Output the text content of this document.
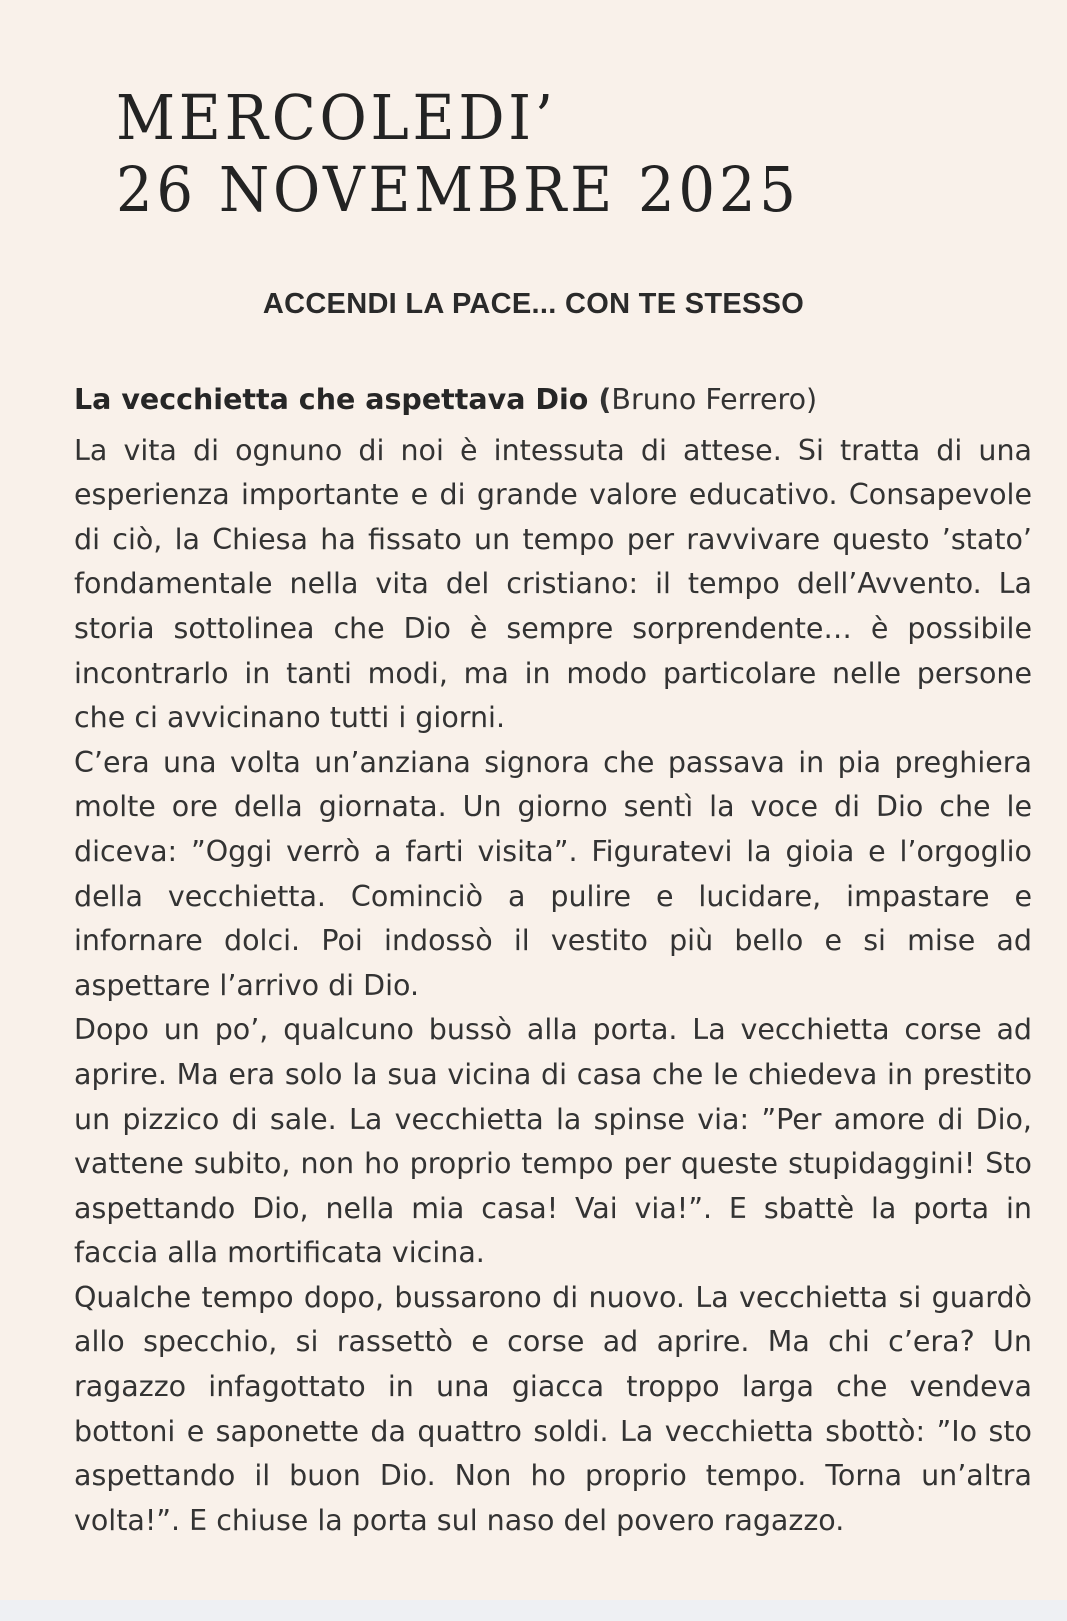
MERCOLEDI’
26 NOVEMBRE 2025
ACCENDI LA PACE... CON TE STESSO

La vecchietta che aspettava Dio (Bruno Ferrero)

La vita di ognuno di noi è intessuta di attese. Si tratta di una esperienza importante e di grande valore educativo. Consapevole di ciò, la Chiesa ha fissato un tempo per ravvivare questo ’stato’ fondamentale nella vita del cristiano: il tempo dell’Avvento. La storia sottolinea che Dio è sempre sorprendente… è possibile incontrarlo in tanti modi, ma in modo particolare nelle persone che ci avvicinano tutti i giorni.

C’era una volta un’anziana signora che passava in pia preghiera molte ore della giornata. Un giorno sentì la voce di Dio che le diceva: ”Oggi verrò a farti visita”. Figuratevi la gioia e l’orgoglio della vecchietta. Cominciò a pulire e lucidare, impastare e infornare dolci. Poi indossò il vestito più bello e si mise ad aspettare l’arrivo di Dio.

Dopo un po’, qualcuno bussò alla porta. La vecchietta corse ad aprire. Ma era solo la sua vicina di casa che le chiedeva in prestito un pizzico di sale. La vecchietta la spinse via: ”Per amore di Dio, vattene subito, non ho proprio tempo per queste stupidaggini! Sto aspettando Dio, nella mia casa! Vai via!”. E sbattè la porta in faccia alla mortificata vicina.

Qualche tempo dopo, bussarono di nuovo. La vecchietta si guardò allo specchio, si rassettò e corse ad aprire. Ma chi c’era? Un ragazzo infagottato in una giacca troppo larga che vendeva bottoni e saponette da quattro soldi. La vecchietta sbottò: ”Io sto aspettando il buon Dio. Non ho proprio tempo. Torna un’altra volta!”. E chiuse la porta sul naso del povero ragazzo.
